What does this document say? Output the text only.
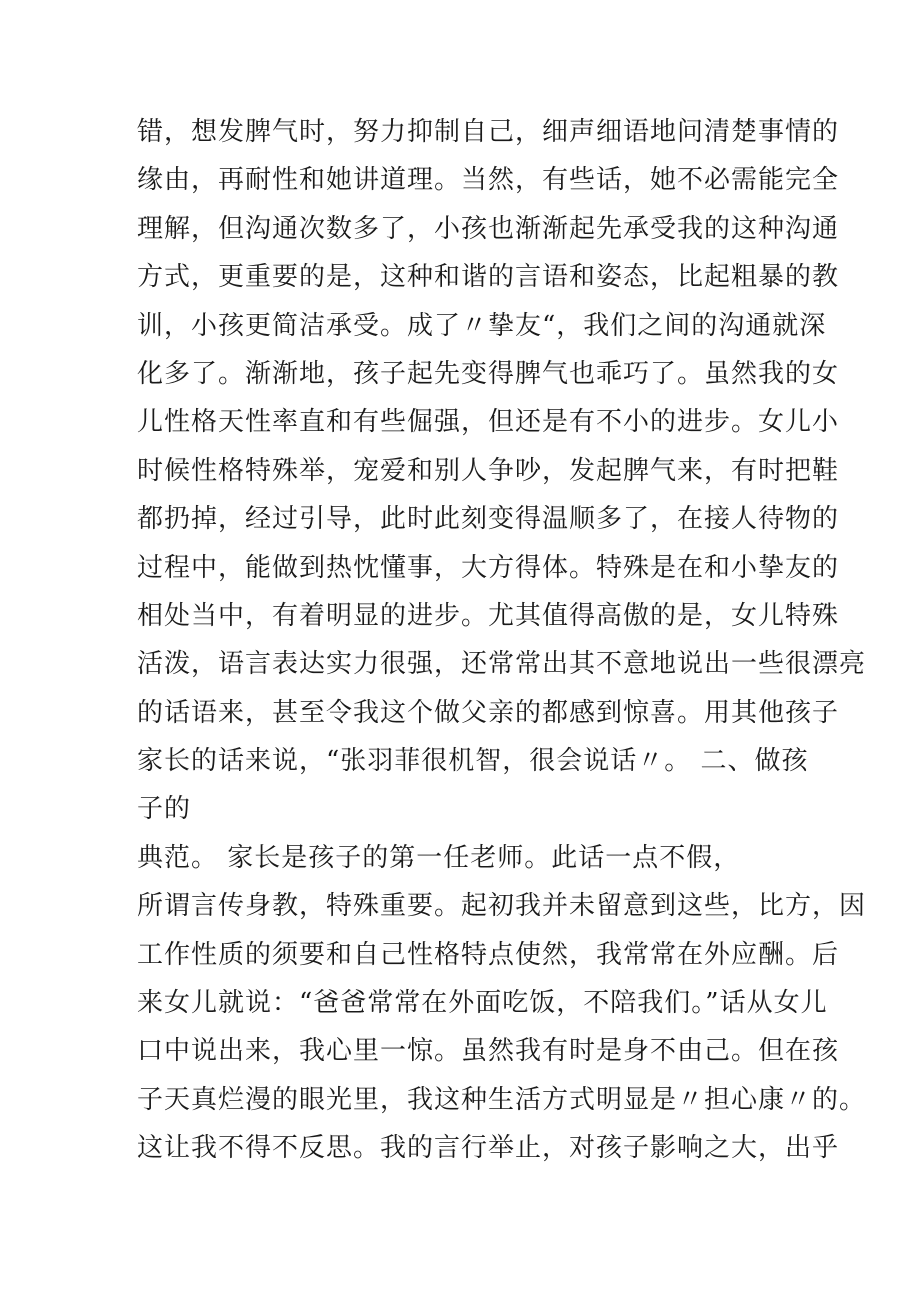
错，想发脾气时，努力抑制自己，细声细语地问清楚事情的
缘由，再耐性和她讲道理。当然，有些话，她不必需能完全
理解，但沟通次数多了，小孩也渐渐起先承受我的这种沟通
方式，更重要的是，这种和谐的言语和姿态，比起粗暴的教
训，小孩更简洁承受。成了〃挚友“，我们之间的沟通就深
化多了。渐渐地，孩子起先变得脾气也乖巧了。虽然我的女
儿性格天性率直和有些倔强，但还是有不小的进步。女儿小
时候性格特殊举，宠爱和别人争吵，发起脾气来，有时把鞋
都扔掉，经过引导，此时此刻变得温顺多了，在接人待物的
过程中，能做到热忱懂事，大方得体。特殊是在和小挚友的
相处当中，有着明显的进步。尤其值得高傲的是，女儿特殊
活泼，语言表达实力很强，还常常出其不意地说出一些很漂亮
的话语来，甚至令我这个做父亲的都感到惊喜。用其他孩子
家长的话来说，“张羽菲很机智，很会说话〃。 二、做孩
子的
典范。 家长是孩子的第一任老师。此话一点不假，
所谓言传身教，特殊重要。起初我并未留意到这些，比方，因
工作性质的须要和自己性格特点使然，我常常在外应酬。后
来女儿就说：“爸爸常常在外面吃饭，不陪我们。”话从女儿
口中说出来，我心里一惊。虽然我有时是身不由己。但在孩
子天真烂漫的眼光里，我这种生活方式明显是〃担心康〃的。
这让我不得不反思。我的言行举止，对孩子影响之大，出乎
